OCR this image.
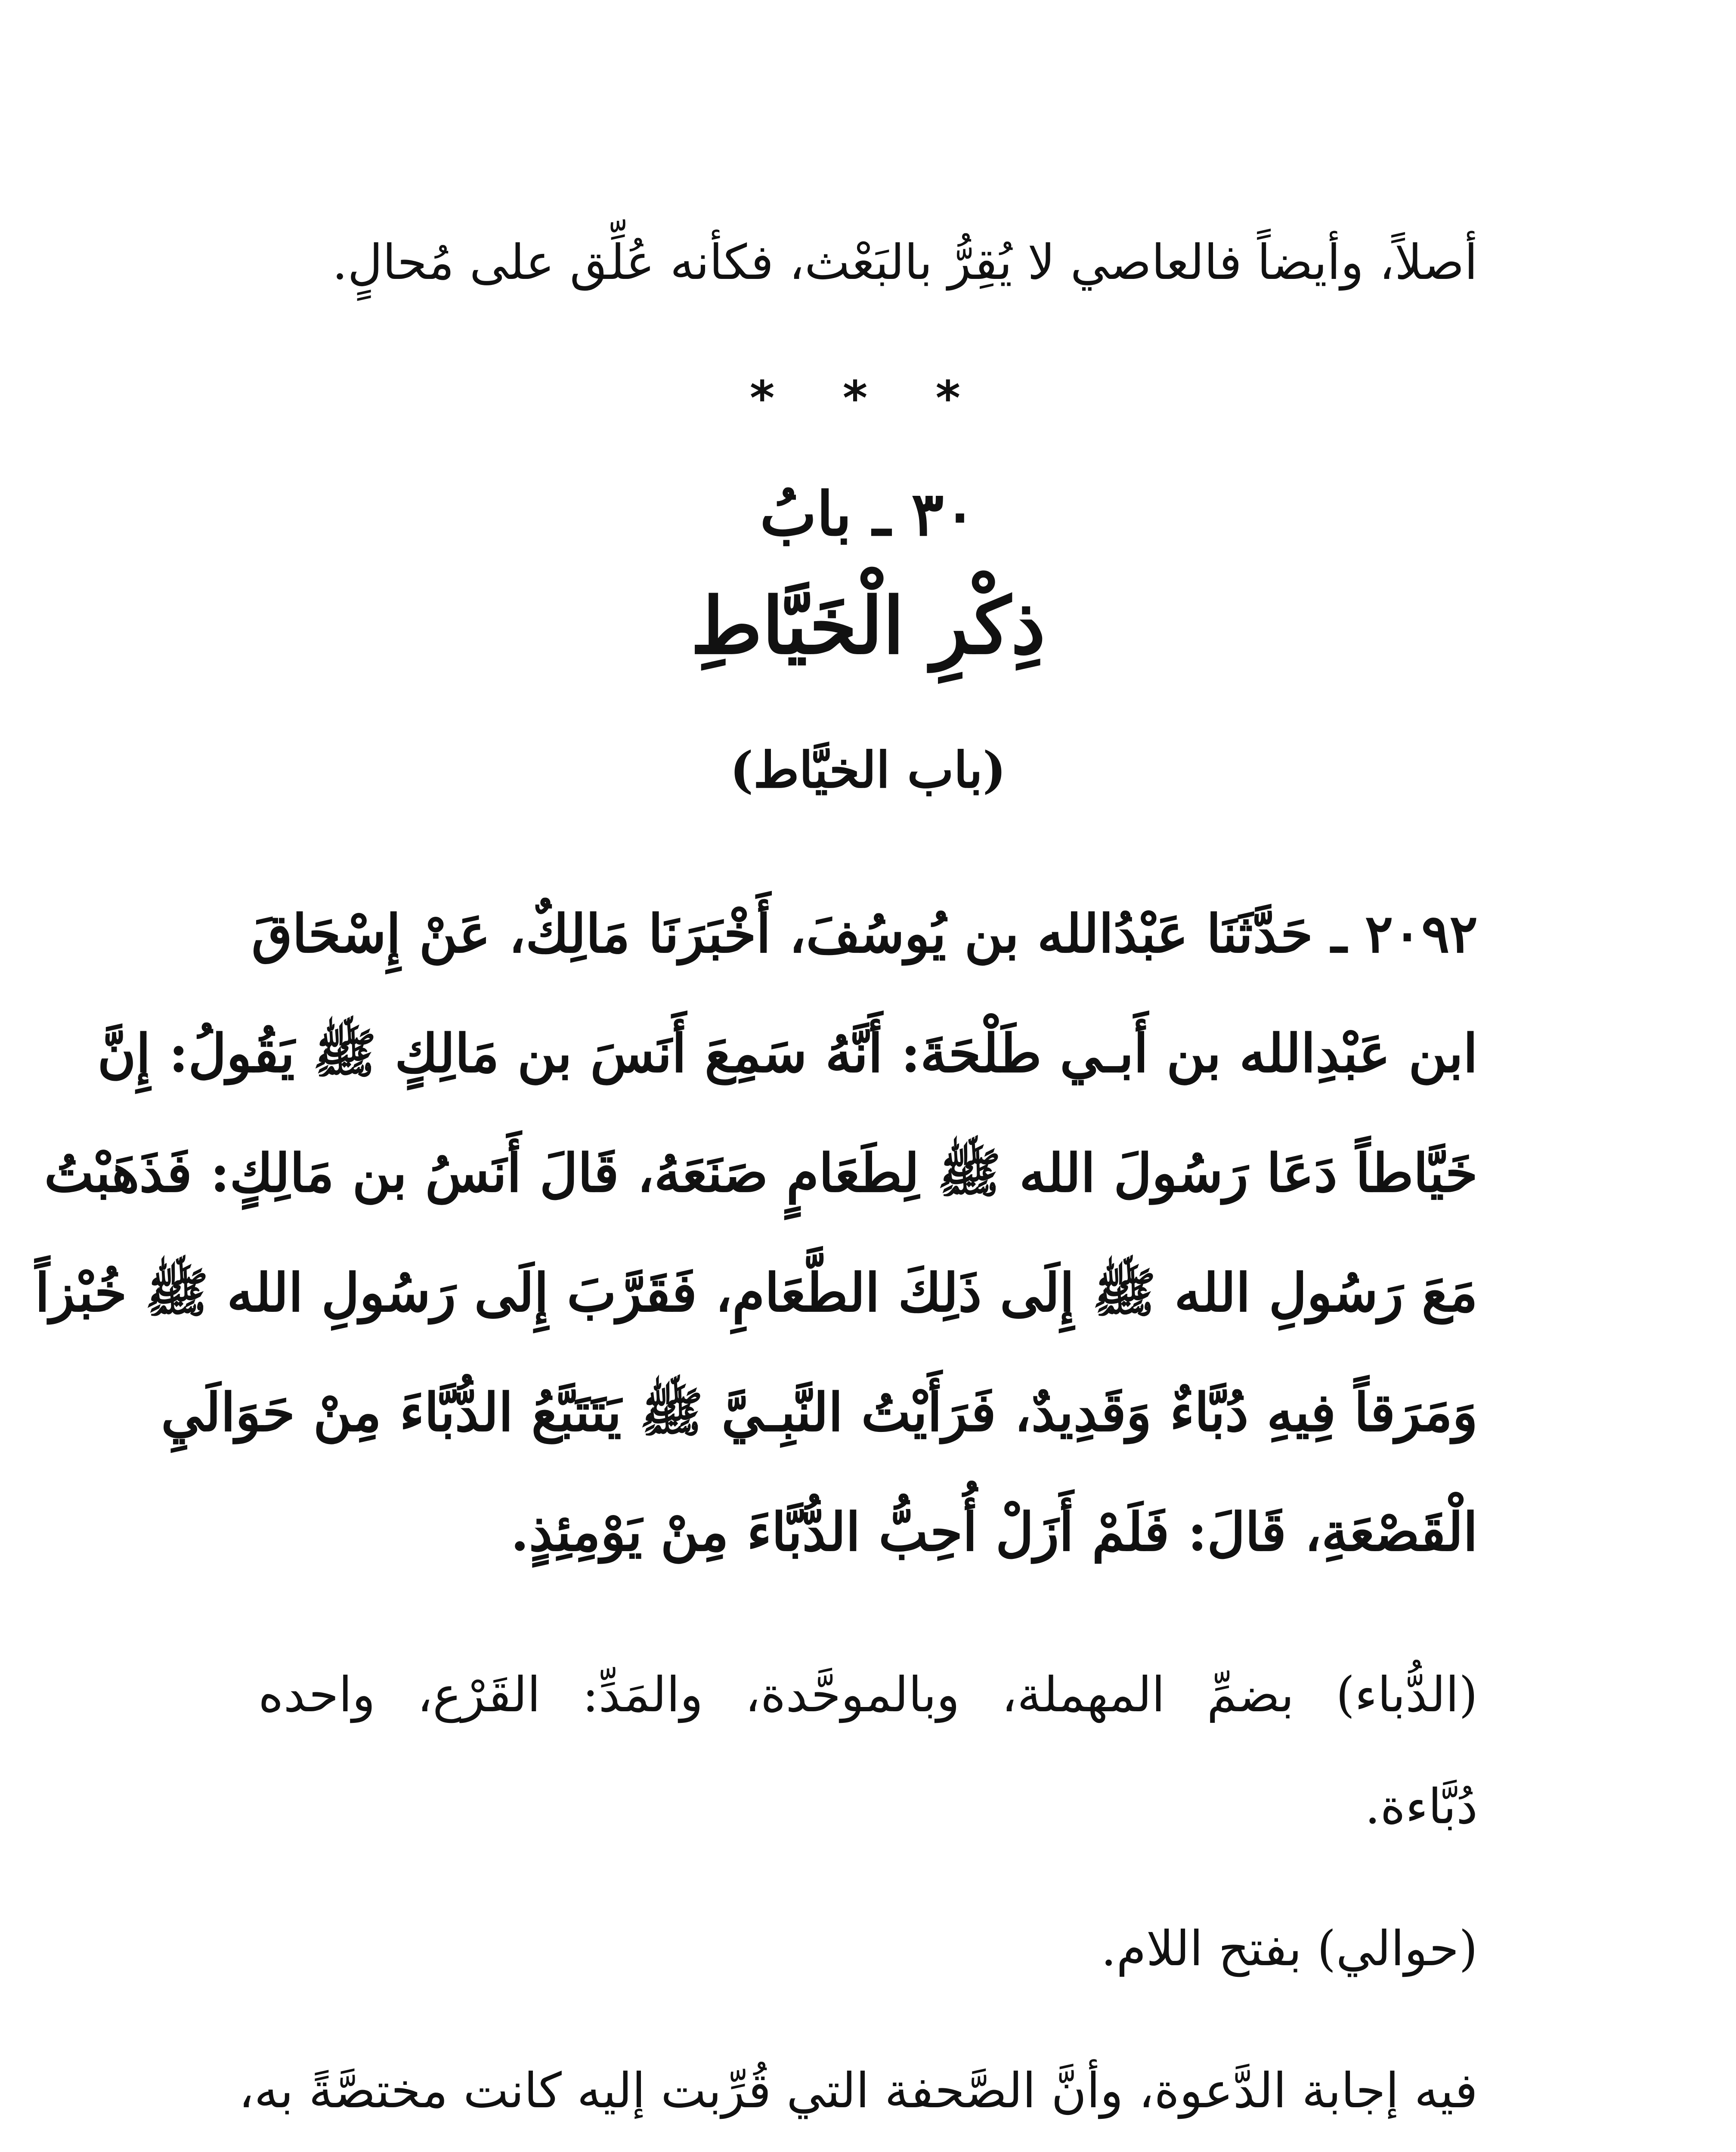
أصلاً، وأيضاً فالعاصي لا يُقِرُّ بالبَعْث، فكأنه عُلِّق على مُحالٍ.
* * *
٣٠ ـ بابُ
ذِكْرِ الْخَيَّاطِ
(باب الخيَّاط)
٢٠٩٢ ـ حَدَّثَنَا عَبْدُالله بن يُوسُفَ، أَخْبَرَنَا مَالِكٌ، عَنْ إِسْحَاقَ
ابن عَبْدِالله بن أَبـي طَلْحَةَ: أَنَّهُ سَمِعَ أَنَسَ بن مَالِكٍ ﷺ يَقُولُ: إِنَّ
خَيَّاطاً دَعَا رَسُولَ الله ﷺ لِطَعَامٍ صَنَعَهُ، قَالَ أَنَسُ بن مَالِكٍ: فَذَهَبْتُ
مَعَ رَسُولِ الله ﷺ إِلَى ذَلِكَ الطَّعَامِ، فَقَرَّبَ إِلَى رَسُولِ الله ﷺ خُبْزاً
وَمَرَقاً فِيهِ دُبَّاءٌ وَقَدِيدٌ، فَرَأَيْتُ النَّبِـيَّ ﷺ يَتَتَبَّعُ الدُّبَّاءَ مِنْ حَوَالَيِ
الْقَصْعَةِ، قَالَ: فَلَمْ أَزَلْ أُحِبُّ الدُّبَّاءَ مِنْ يَوْمِئِذٍ.
(الدُّباء) بضمِّ المهملة، وبالموحَّدة، والمَدِّ: القَرْع، واحده
دُبَّاءة.
(حوالي) بفتح اللام.
فيه إجابة الدَّعوة، وأنَّ الصَّحفة التي قُرِّبت إليه كانت مختصَّةً به،
